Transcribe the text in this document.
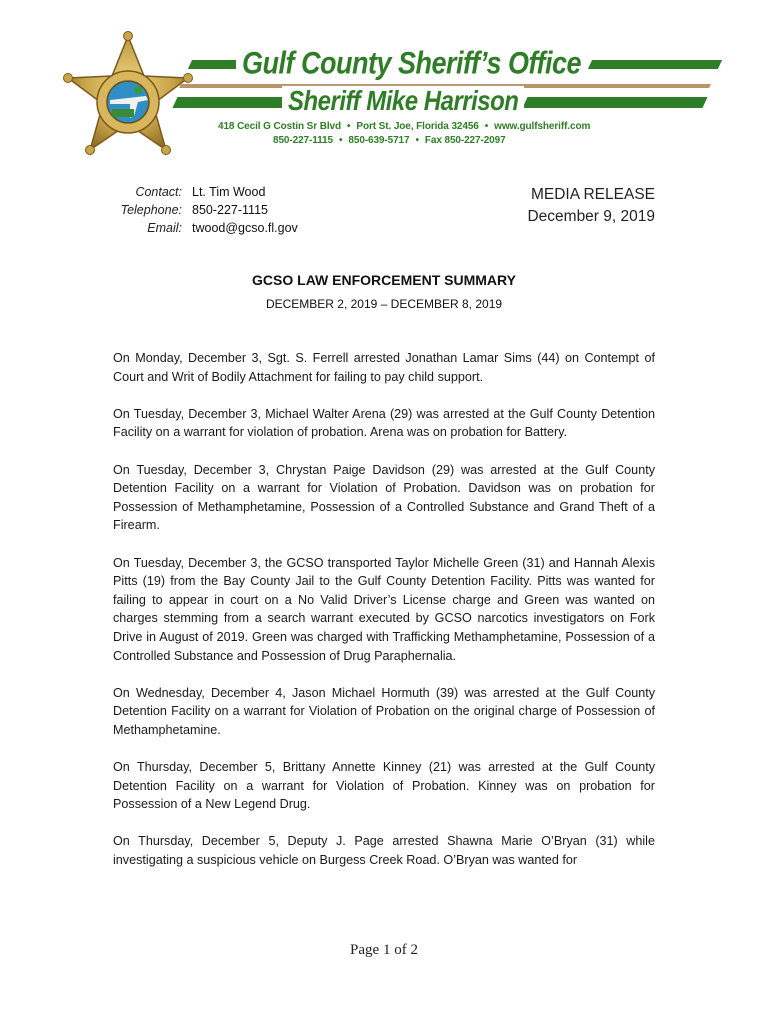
Gulf County Sheriff’s Office
Sheriff Mike Harrison
418 Cecil G Costin Sr Blvd • Port St. Joe, Florida 32456 • www.gulfsheriff.com
850-227-1115 • 850-639-5717 • Fax 850-227-2097
Contact: Lt. Tim Wood
Telephone: 850-227-1115
Email: twood@gcso.fl.gov
MEDIA RELEASE
December 9, 2019
GCSO LAW ENFORCEMENT SUMMARY
DECEMBER 2, 2019 – DECEMBER 8, 2019

On Monday, December 3, Sgt. S. Ferrell arrested Jonathan Lamar Sims (44) on Contempt of Court and Writ of Bodily Attachment for failing to pay child support.

On Tuesday, December 3, Michael Walter Arena (29) was arrested at the Gulf County Detention Facility on a warrant for violation of probation. Arena was on probation for Battery.

On Tuesday, December 3, Chrystan Paige Davidson (29) was arrested at the Gulf County Detention Facility on a warrant for Violation of Probation. Davidson was on probation for Possession of Methamphetamine, Possession of a Controlled Substance and Grand Theft of a Firearm.

On Tuesday, December 3, the GCSO transported Taylor Michelle Green (31) and Hannah Alexis Pitts (19) from the Bay County Jail to the Gulf County Detention Facility. Pitts was wanted for failing to appear in court on a No Valid Driver’s License charge and Green was wanted on charges stemming from a search warrant executed by GCSO narcotics investigators on Fork Drive in August of 2019. Green was charged with Trafficking Methamphetamine, Possession of a Controlled Substance and Possession of Drug Paraphernalia.

On Wednesday, December 4, Jason Michael Hormuth (39) was arrested at the Gulf County Detention Facility on a warrant for Violation of Probation on the original charge of Possession of Methamphetamine.

On Thursday, December 5, Brittany Annette Kinney (21) was arrested at the Gulf County Detention Facility on a warrant for Violation of Probation. Kinney was on probation for Possession of a New Legend Drug.

On Thursday, December 5, Deputy J. Page arrested Shawna Marie O’Bryan (31) while investigating a suspicious vehicle on Burgess Creek Road. O’Bryan was wanted for

Page 1 of 2
